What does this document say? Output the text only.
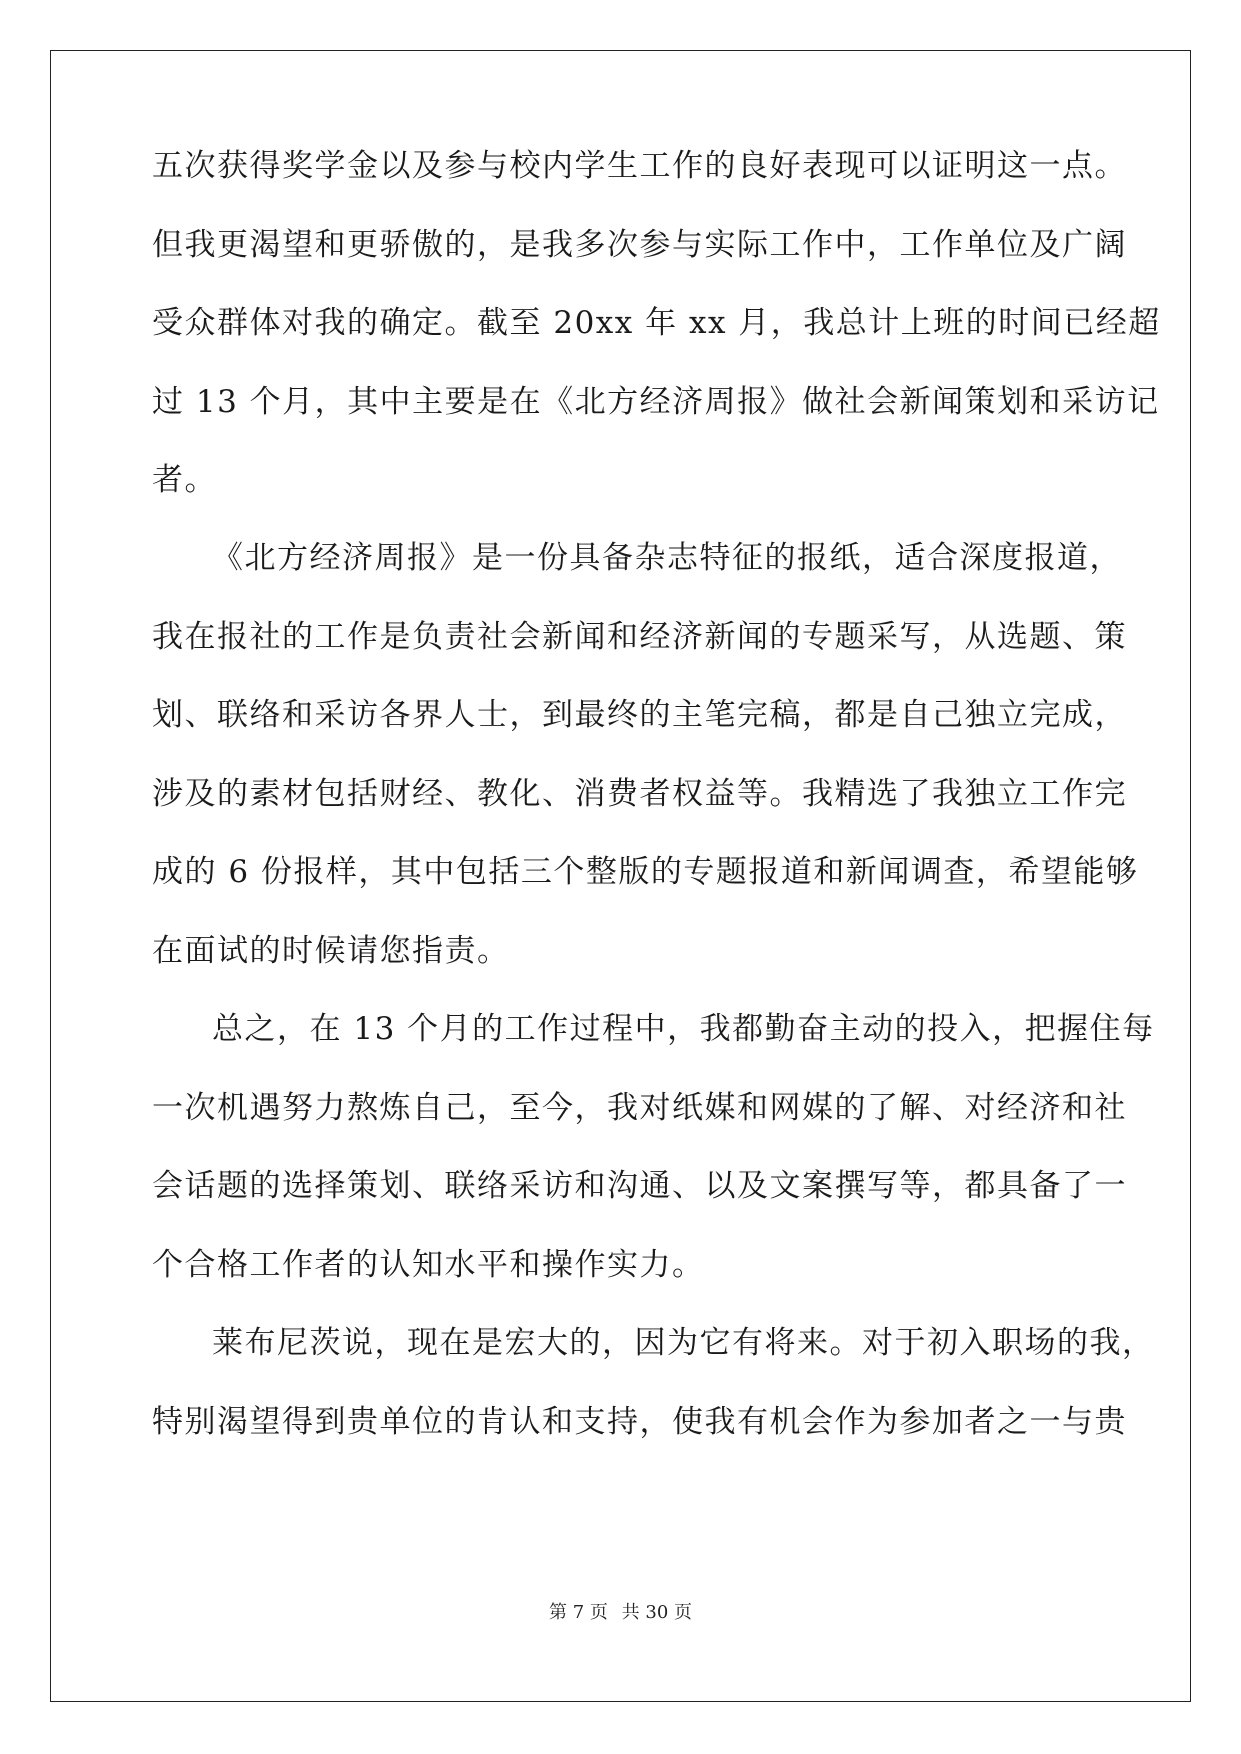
五次获得奖学金以及参与校内学生工作的良好表现可以证明这一点。
但我更渴望和更骄傲的，是我多次参与实际工作中，工作单位及广阔
受众群体对我的确定。截至 20xx 年 xx 月，我总计上班的时间已经超
过 13 个月，其中主要是在《北方经济周报》做社会新闻策划和采访记
者。
《北方经济周报》是一份具备杂志特征的报纸，适合深度报道，
我在报社的工作是负责社会新闻和经济新闻的专题采写，从选题、策
划、联络和采访各界人士，到最终的主笔完稿，都是自己独立完成，
涉及的素材包括财经、教化、消费者权益等。我精选了我独立工作完
成的 6 份报样，其中包括三个整版的专题报道和新闻调查，希望能够
在面试的时候请您指责。
总之，在 13 个月的工作过程中，我都勤奋主动的投入，把握住每
一次机遇努力熬炼自己，至今，我对纸媒和网媒的了解、对经济和社
会话题的选择策划、联络采访和沟通、以及文案撰写等，都具备了一
个合格工作者的认知水平和操作实力。
莱布尼茨说，现在是宏大的，因为它有将来。对于初入职场的我，
特别渴望得到贵单位的肯认和支持，使我有机会作为参加者之一与贵
第 7 页 共 30 页
